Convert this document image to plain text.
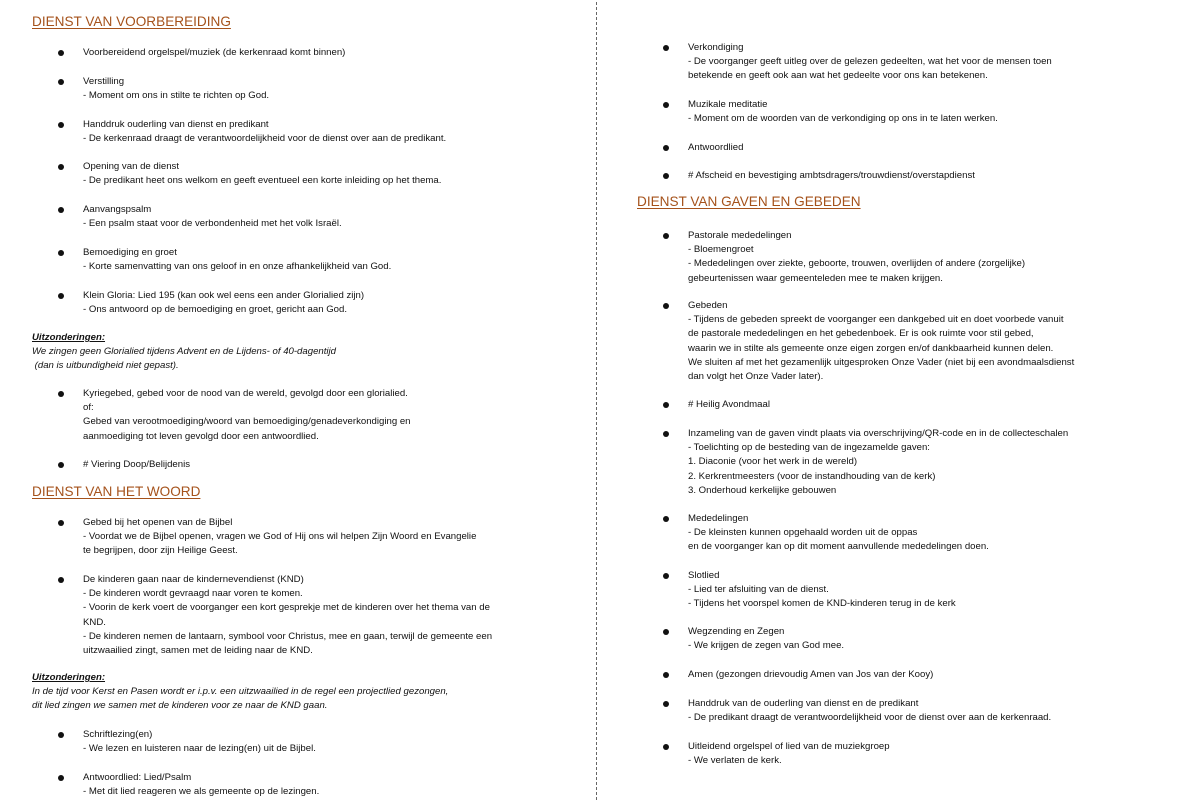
DIENST VAN VOORBEREIDING
Uitzonderingen:
We zingen geen Glorialied tijdens Advent en de Lijdens- of 40-dagentijd
(dan is uitbundigheid niet gepast).
DIENST VAN HET WOORD
Uitzonderingen:
In de tijd voor Kerst en Pasen wordt er i.p.v. een uitzwaailied in de regel een projectlied gezongen,
dit lied zingen we samen met de kinderen voor ze naar de KND gaan.
DIENST VAN GAVEN EN GEBEDEN
Voorbereidend orgelspel/muziek (de kerkenraad komt binnen)
Verstilling
- Moment om ons in stilte te richten op God.
Handdruk ouderling van dienst en predikant
- De kerkenraad draagt de verantwoordelijkheid voor de dienst over aan de predikant.
Opening van de dienst
- De predikant heet ons welkom en geeft eventueel een korte inleiding op het thema.
Aanvangspsalm
- Een psalm staat voor de verbondenheid met het volk Israël.
Bemoediging en groet
- Korte samenvatting van ons geloof in en onze afhankelijkheid van God.
Klein Gloria: Lied 195 (kan ook wel eens een ander Glorialied zijn)
- Ons antwoord op de bemoediging en groet, gericht aan God.
Kyriegebed, gebed voor de nood van de wereld, gevolgd door een glorialied.
of:
Gebed van verootmoediging/woord van bemoediging/genadeverkondiging en
aanmoediging tot leven gevolgd door een antwoordlied.
# Viering Doop/Belijdenis
Gebed bij het openen van de Bijbel
- Voordat we de Bijbel openen, vragen we God of Hij ons wil helpen Zijn Woord en Evangelie
te begrijpen, door zijn Heilige Geest.
De kinderen gaan naar de kindernevendienst (KND)
- De kinderen wordt gevraagd naar voren te komen.
- Voorin de kerk voert de voorganger een kort gesprekje met de kinderen over het thema van de
KND.
- De kinderen nemen de lantaarn, symbool voor Christus, mee en gaan, terwijl de gemeente een
uitzwaailied zingt, samen met de leiding naar de KND.
Schriftlezing(en)
- We lezen en luisteren naar de lezing(en) uit de Bijbel.
Antwoordlied: Lied/Psalm
- Met dit lied reageren we als gemeente op de lezingen.
Verkondiging
- De voorganger geeft uitleg over de gelezen gedeelten, wat het voor de mensen toen
betekende en geeft ook aan wat het gedeelte voor ons kan betekenen.
Muzikale meditatie
- Moment om de woorden van de verkondiging op ons in te laten werken.
Antwoordlied
# Afscheid en bevestiging ambtsdragers/trouwdienst/overstapdienst
Pastorale mededelingen
- Bloemengroet
- Mededelingen over ziekte, geboorte, trouwen, overlijden of andere (zorgelijke)
gebeurtenissen waar gemeenteleden mee te maken krijgen.
Gebeden
- Tijdens de gebeden spreekt de voorganger een dankgebed uit en doet voorbede vanuit
de pastorale mededelingen en het gebedenboek. Er is ook ruimte voor stil gebed,
waarin we in stilte als gemeente onze eigen zorgen en/of dankbaarheid kunnen delen.
We sluiten af met het gezamenlijk uitgesproken Onze Vader (niet bij een avondmaalsdienst
dan volgt het Onze Vader later).
# Heilig Avondmaal
Inzameling van de gaven vindt plaats via overschrijving/QR-code en in de collecteschalen
- Toelichting op de besteding van de ingezamelde gaven:
1. Diaconie (voor het werk in de wereld)
2. Kerkrentmeesters (voor de instandhouding van de kerk)
3. Onderhoud kerkelijke gebouwen
Mededelingen
- De kleinsten kunnen opgehaald worden uit de oppas
en de voorganger kan op dit moment aanvullende mededelingen doen.
Slotlied
- Lied ter afsluiting van de dienst.
- Tijdens het voorspel komen de KND-kinderen terug in de kerk
Wegzending en Zegen
- We krijgen de zegen van God mee.
Amen (gezongen drievoudig Amen van Jos van der Kooy)
Handdruk van de ouderling van dienst en de predikant
- De predikant draagt de verantwoordelijkheid voor de dienst over aan de kerkenraad.
Uitleidend orgelspel of lied van de muziekgroep
- We verlaten de kerk.
